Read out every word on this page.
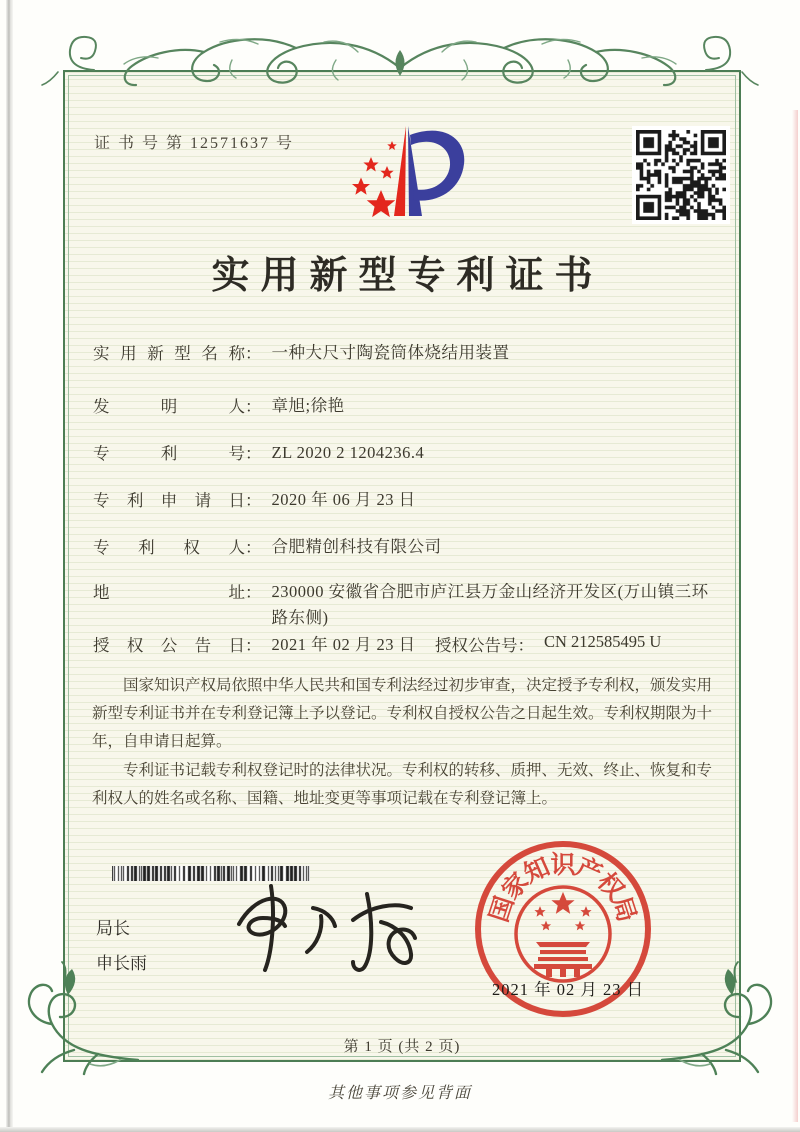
证 书 号 第 12571637 号
实用新型专利证书
实用新型名称 ： 一种大尺寸陶瓷筒体烧结用装置
发明人 ： 章旭;徐艳
专利号 ： ZL 2020 2 1204236.4
专利申请日 ： 2020 年 06 月 23 日
专利权人 ： 合肥精创科技有限公司
地址 ： 230000 安徽省合肥市庐江县万金山经济开发区(万山镇三环路东侧)
授权公告日 ： 2021 年 02 月 23 日	授权公告号 ： CN 212585495 U

国家知识产权局依照中华人民共和国专利法经过初步审查，决定授予专利权，颁发实用新型专利证书并在专利登记簿上予以登记。专利权自授权公告之日起生效。专利权期限为十年，自申请日起算。

专利证书记载专利权登记时的法律状况。专利权的转移、质押、无效、终止、恢复和专利权人的姓名或名称、国籍、地址变更等事项记载在专利登记簿上。

局长
申长雨
国
家
知
识
产
权
局
2021 年 02 月 23 日
第 1 页 (共 2 页)
其他事项参见背面
